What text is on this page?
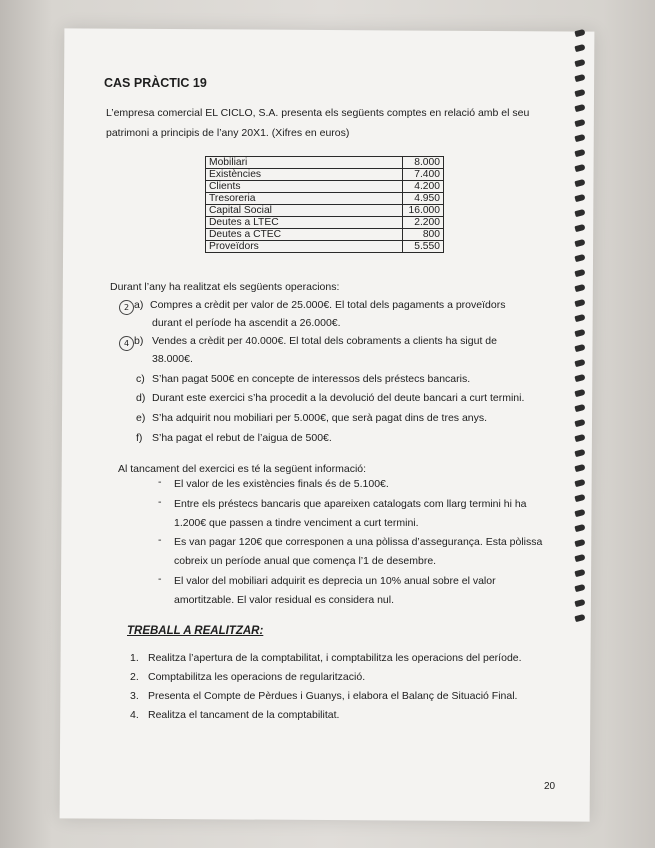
CAS PRÀCTIC 19
L’empresa comercial EL CICLO, S.A. presenta els següents comptes en relació amb el seu
patrimoni a principis de l’any 20X1. (Xifres en euros)
Mobiliari	8.000
Existències	7.400
Clients	4.200
Tresoreria	4.950
Capital Social	16.000
Deutes a LTEC	2.200
Deutes a CTEC	800
Proveïdors	5.550
Durant l’any ha realitzat els següents operacions:
2 a) Compres a crèdit per valor de 25.000€. El total dels pagaments a proveïdors
durant el període ha ascendit a 26.000€.
4 b) Vendes a crèdit per 40.000€. El total dels cobraments a clients ha sigut de
38.000€.
c) S’han pagat 500€ en concepte de interessos dels préstecs bancaris.
d) Durant este exercici s’ha procedit a la devolució del deute bancari a curt termini.
e) S’ha adquirit nou mobiliari per 5.000€, que serà pagat dins de tres anys.
f) S’ha pagat el rebut de l’aigua de 500€.
Al tancament del exercici es té la següent informació:
- El valor de les existències finals és de 5.100€.
- Entre els préstecs bancaris que apareixen catalogats com llarg termini hi ha
1.200€ que passen a tindre venciment a curt termini.
- Es van pagar 120€ que corresponen a una pòlissa d’assegurança. Esta pòlissa
cobreix un període anual que comença l’1 de desembre.
- El valor del mobiliari adquirit es deprecia un 10% anual sobre el valor
amortitzable. El valor residual es considera nul.
TREBALL A REALITZAR:
1. Realitza l’apertura de la comptabilitat, i comptabilitza les operacions del període.
2. Comptabilitza les operacions de regularització.
3. Presenta el Compte de Pèrdues i Guanys, i elabora el Balanç de Situació Final.
4. Realitza el tancament de la comptabilitat.
20
